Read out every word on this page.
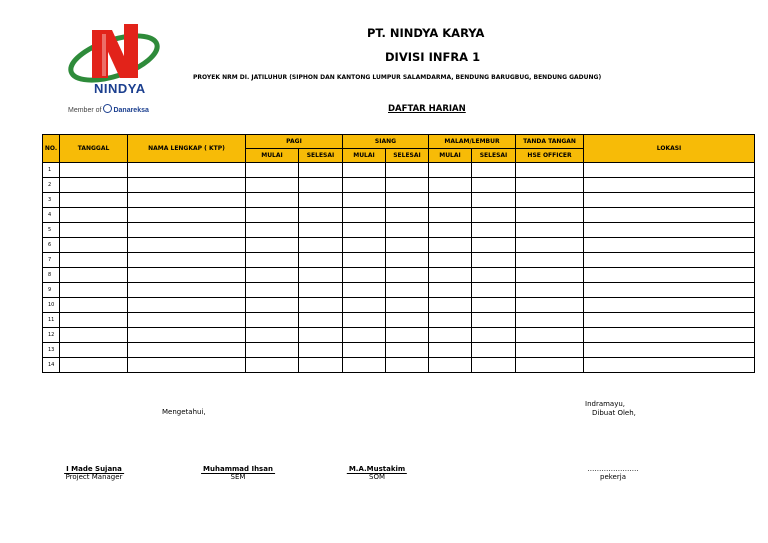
NINDYA
Member of Danareksa
PT. NINDYA KARYA
DIVISI INFRA 1
PROYEK NRM DI. JATILUHUR (SIPHON DAN KANTONG LUMPUR SALAMDARMA, BENDUNG BARUGBUG, BENDUNG GADUNG)
DAFTAR HARIAN
NO.	TANGGAL	NAMA LENGKAP ( KTP)	PAGI		SIANG		MALAM/LEMBUR		TANDA TANGAN	LOKASI
			MULAI	SELESAI	MULAI	SELESAI	MULAI	SELESAI	HSE OFFICER	
1										
2										
3										
4										
5										
6										
7										
8										
9										
10										
11										
12										
13										
14										
Mengetahui,
Indramayu,
Dibuat Oleh,
I Made Sujana
Project Manager
Muhammad Ihsan
SEM
M.A.Mustakim
SOM
………………….
pekerja
